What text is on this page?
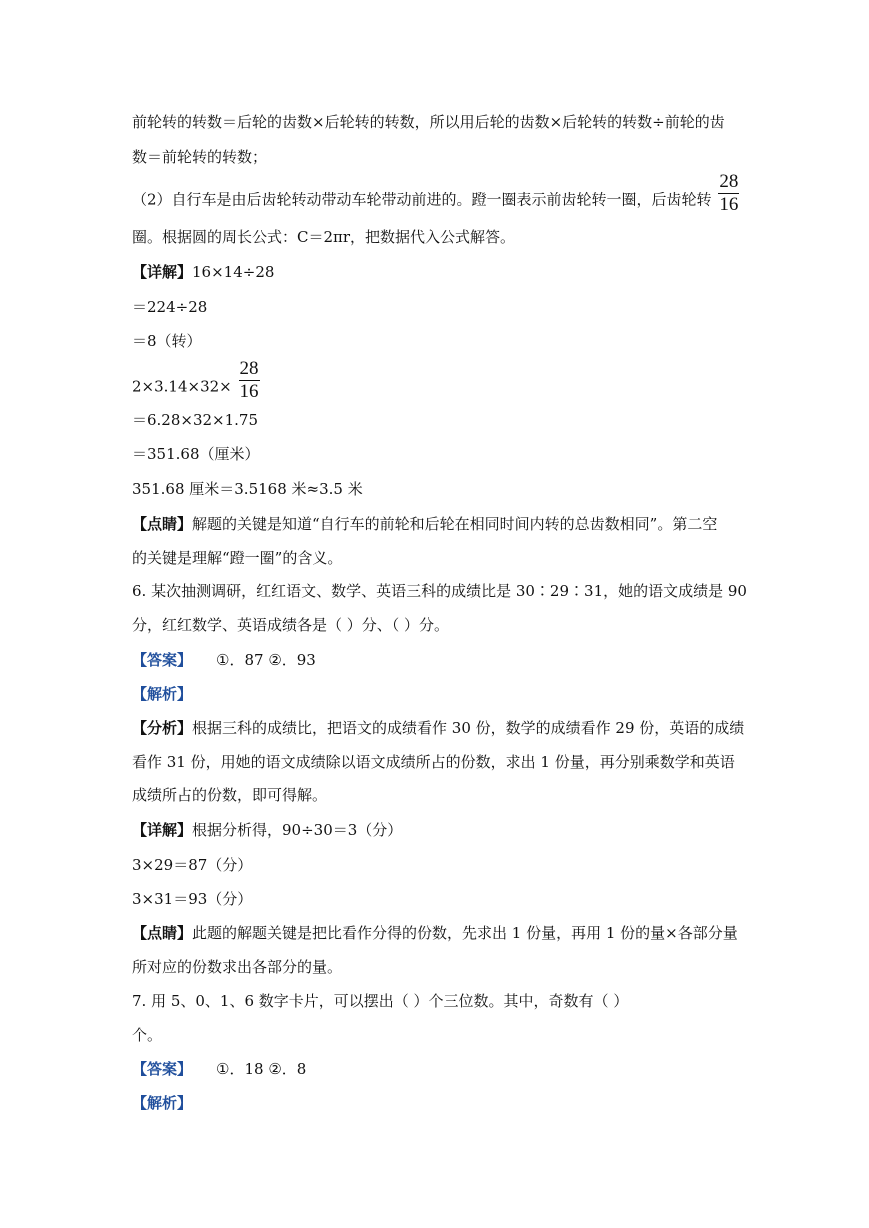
前轮转的转数＝后轮的齿数×后轮转的转数，所以用后轮的齿数×后轮转的转数÷前轮的齿
数＝前轮转的转数；
（2）自行车是由后齿轮转动带动车轮带动前进的。蹬一圈表示前齿轮转一圈，后齿轮转 $\frac{28}{16}$
圈。根据圆的周长公式：C＝2πr，把数据代入公式解答。
【详解】16×14÷28
＝224÷28
＝8（转）
$2\times 3.14\times 32\times \frac{28}{16}$
＝6.28×32×1.75
＝351.68（厘米）
351.68 厘米＝3.5168 米≈3.5 米
【点睛】解题的关键是知道“自行车的前轮和后轮在相同时间内转的总齿数相同”。第二空
的关键是理解“蹬一圈”的含义。
6. 某次抽测调研，红红语文、数学、英语三科的成绩比是 30∶29∶31，她的语文成绩是 90
分，红红数学、英语成绩各是（ ）分、（ ）分。
【答案】 ①．87 ②．93
【解析】
【分析】根据三科的成绩比，把语文的成绩看作 30 份，数学的成绩看作 29 份，英语的成绩
看作 31 份，用她的语文成绩除以语文成绩所占的份数，求出 1 份量，再分别乘数学和英语
成绩所占的份数，即可得解。
【详解】根据分析得，90÷30＝3（分）
3×29＝87（分）
3×31＝93（分）
【点睛】此题的解题关键是把比看作分得的份数，先求出 1 份量，再用 1 份的量×各部分量
所对应的份数求出各部分的量。
7. 用 5、0、1、6 数字卡片，可以摆出（ ）个三位数。其中，奇数有（ ）
个。
【答案】 ①．18 ②．8
【解析】
